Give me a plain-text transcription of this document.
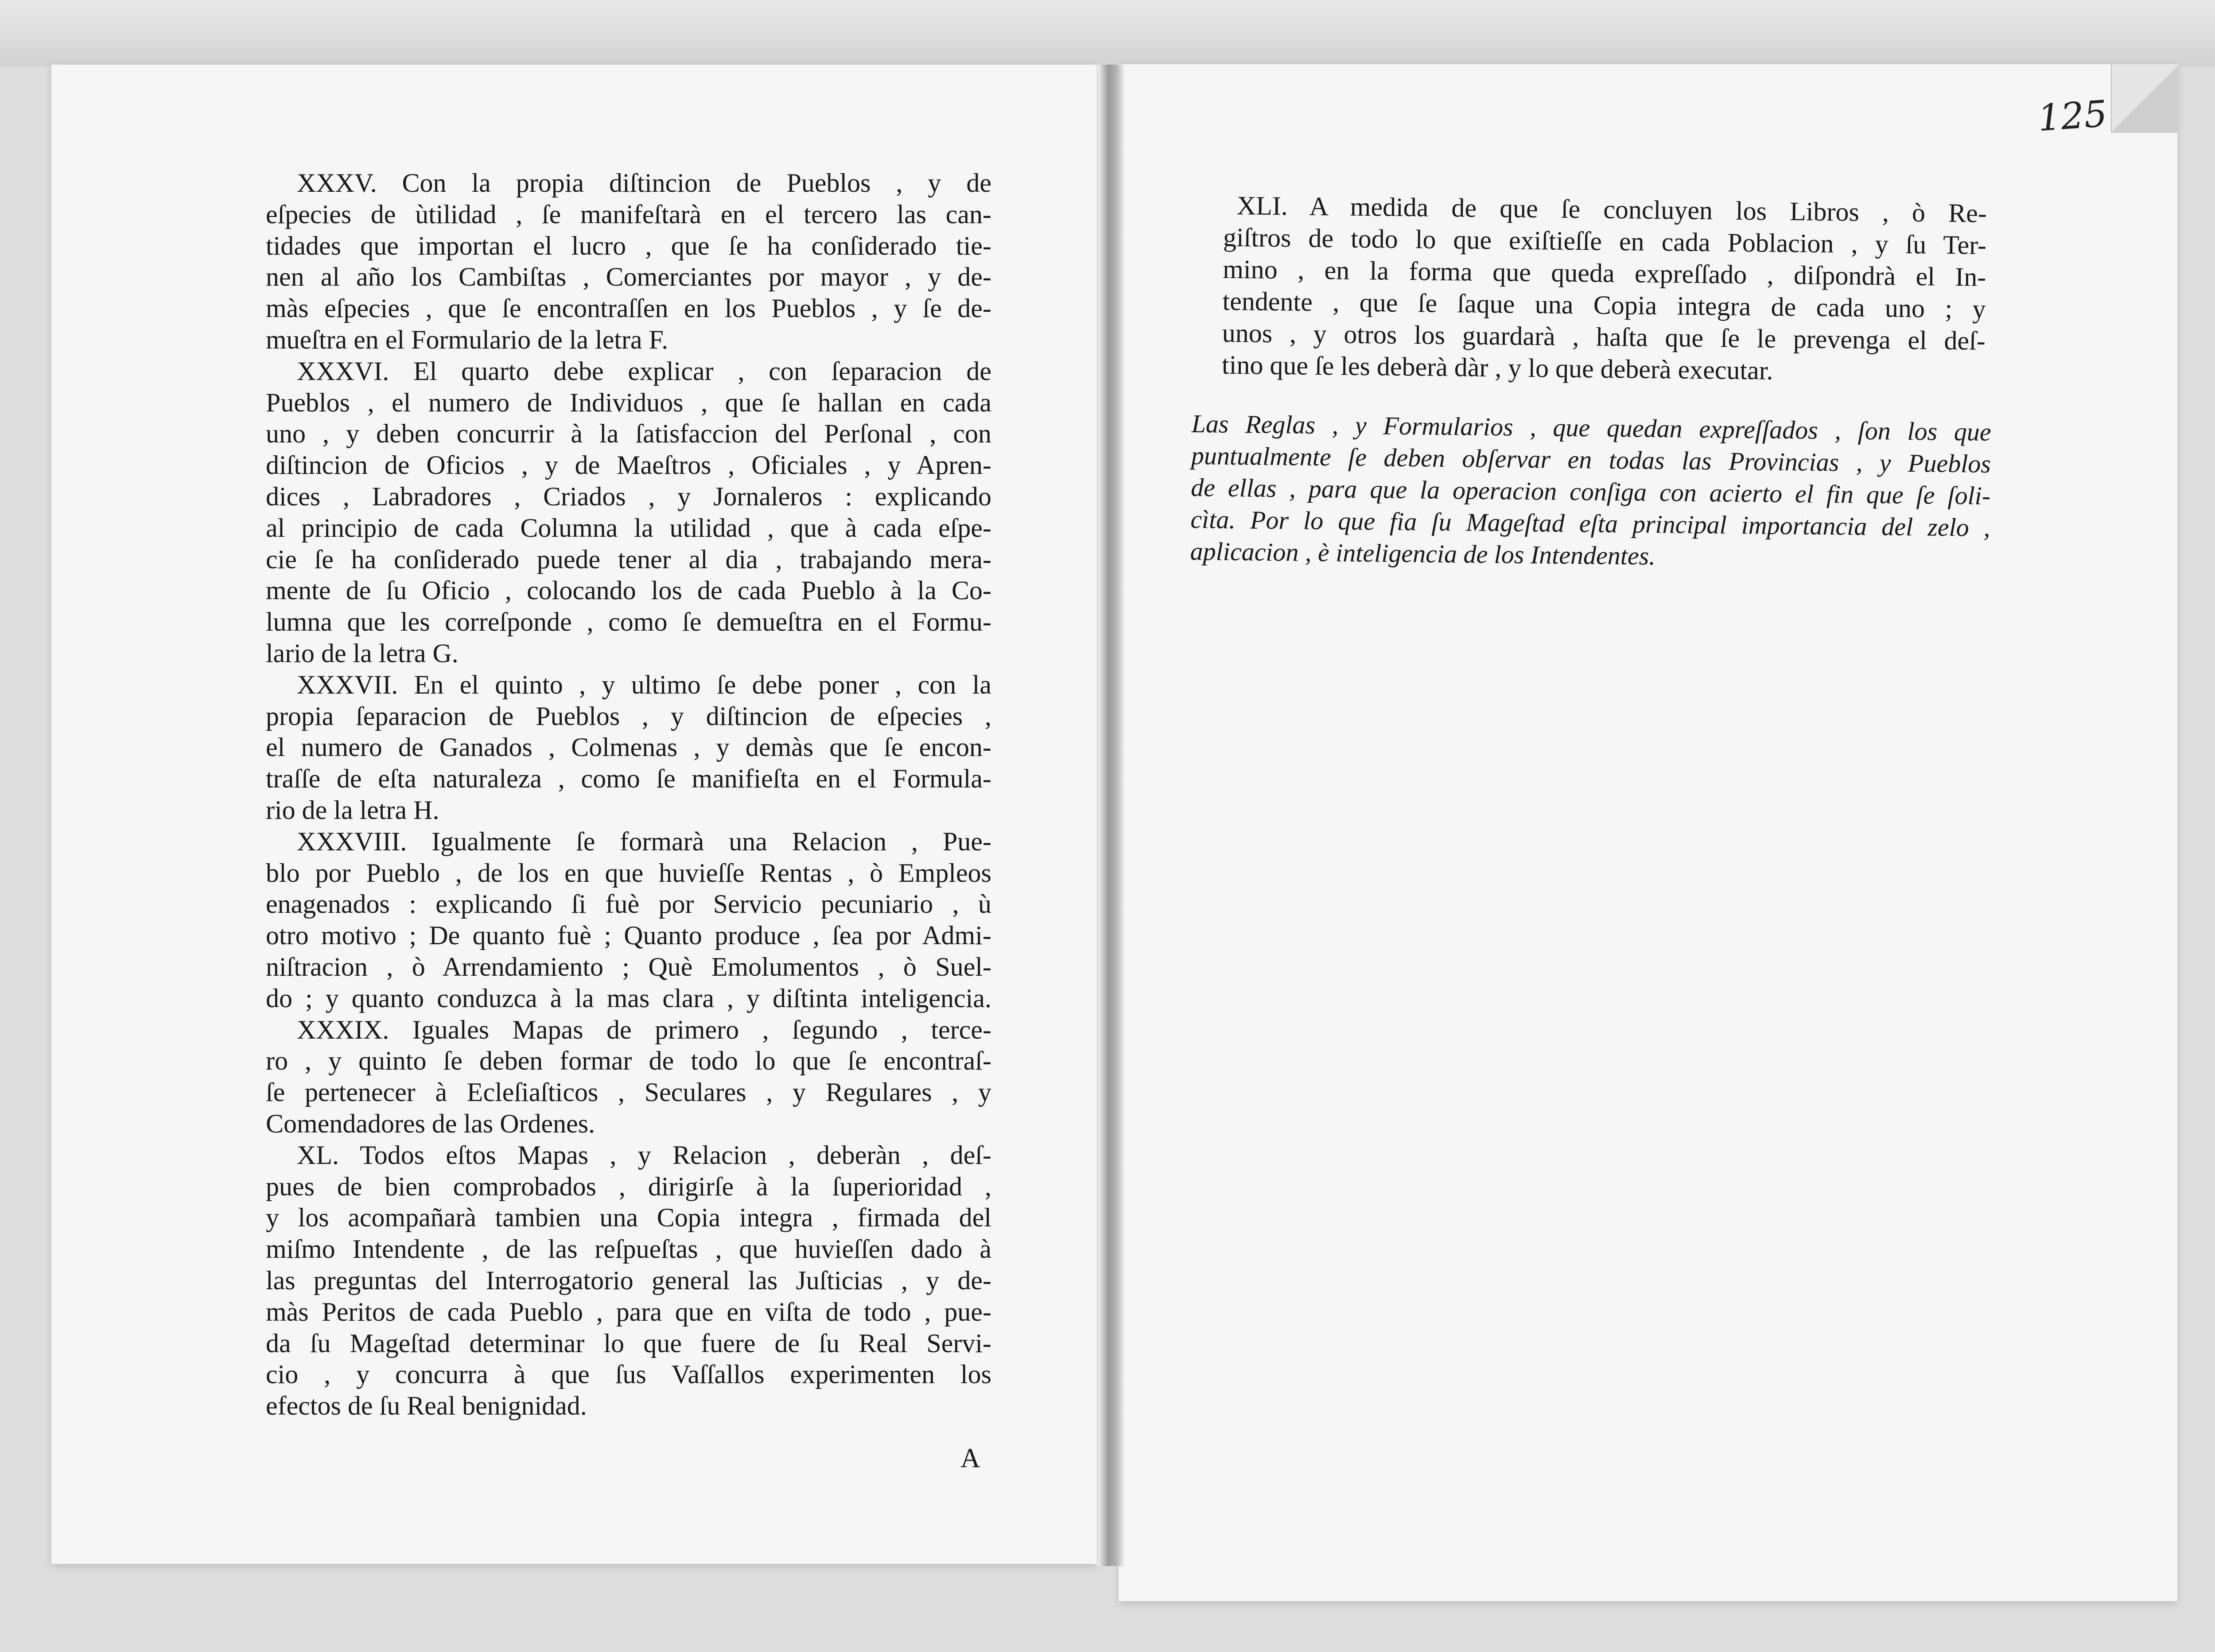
XXXV. Con la propia diſtincion de Pueblos , y de
eſpecies de ùtilidad , ſe manifeſtarà en el tercero las can-
tidades que importan el lucro , que ſe ha conſiderado tie-
nen al año los Cambiſtas , Comerciantes por mayor , y de-
màs eſpecies , que ſe encontraſſen en los Pueblos , y ſe de-
mueſtra en el Formulario de la letra F.
XXXVI. El quarto debe explicar , con ſeparacion de
Pueblos , el numero de Individuos , que ſe hallan en cada
uno , y deben concurrir à la ſatisfaccion del Perſonal , con
diſtincion de Oficios , y de Maeſtros , Oficiales , y Apren-
dices , Labradores , Criados , y Jornaleros : explicando
al principio de cada Columna la utilidad , que à cada eſpe-
cie ſe ha conſiderado puede tener al dia , trabajando mera-
mente de ſu Oficio , colocando los de cada Pueblo à la Co-
lumna que les correſponde , como ſe demueſtra en el Formu-
lario de la letra G.
XXXVII. En el quinto , y ultimo ſe debe poner , con la
propia ſeparacion de Pueblos , y diſtincion de eſpecies ,
el numero de Ganados , Colmenas , y demàs que ſe encon-
traſſe de eſta naturaleza , como ſe manifieſta en el Formula-
rio de la letra H.
XXXVIII. Igualmente ſe formarà una Relacion , Pue-
blo por Pueblo , de los en que huvieſſe Rentas , ò Empleos
enagenados : explicando ſi fuè por Servicio pecuniario , ù
otro motivo ; De quanto fuè ; Quanto produce , ſea por Admi-
niſtracion , ò Arrendamiento ; Què Emolumentos , ò Suel-
do ; y quanto conduzca à la mas clara , y diſtinta inteligencia.
XXXIX. Iguales Mapas de primero , ſegundo , terce-
ro , y quinto ſe deben formar de todo lo que ſe encontraſ-
ſe pertenecer à Ecleſiaſticos , Seculares , y Regulares , y
Comendadores de las Ordenes.
XL. Todos eſtos Mapas , y Relacion , deberàn , deſ-
pues de bien comprobados , dirigirſe à la ſuperioridad ,
y los acompañarà tambien una Copia integra , firmada del
miſmo Intendente , de las reſpueſtas , que huvieſſen dado à
las preguntas del Interrogatorio general las Juſticias , y de-
màs Peritos de cada Pueblo , para que en viſta de todo , pue-
da ſu Mageſtad determinar lo que fuere de ſu Real Servi-
cio , y concurra à que ſus Vaſſallos experimenten los
efectos de ſu Real benignidad.
XLI. A medida de que ſe concluyen los Libros , ò Re-
giſtros de todo lo que exiſtieſſe en cada Poblacion , y ſu Ter-
mino , en la forma que queda expreſſado , diſpondrà el In-
tendente , que ſe ſaque una Copia integra de cada uno ; y
unos , y otros los guardarà , haſta que ſe le prevenga el deſ-
tino que ſe les deberà dàr , y lo que deberà executar.
Las Reglas , y Formularios , que quedan expreſſados , ſon los que
puntualmente ſe deben obſervar en todas las Provincias , y Pueblos
de ellas , para que la operacion conſiga con acierto el fin que ſe ſoli-
cìta. Por lo que fia ſu Mageſtad eſta principal importancia del zelo ,
aplicacion , è inteligencia de los Intendentes.
125
A
